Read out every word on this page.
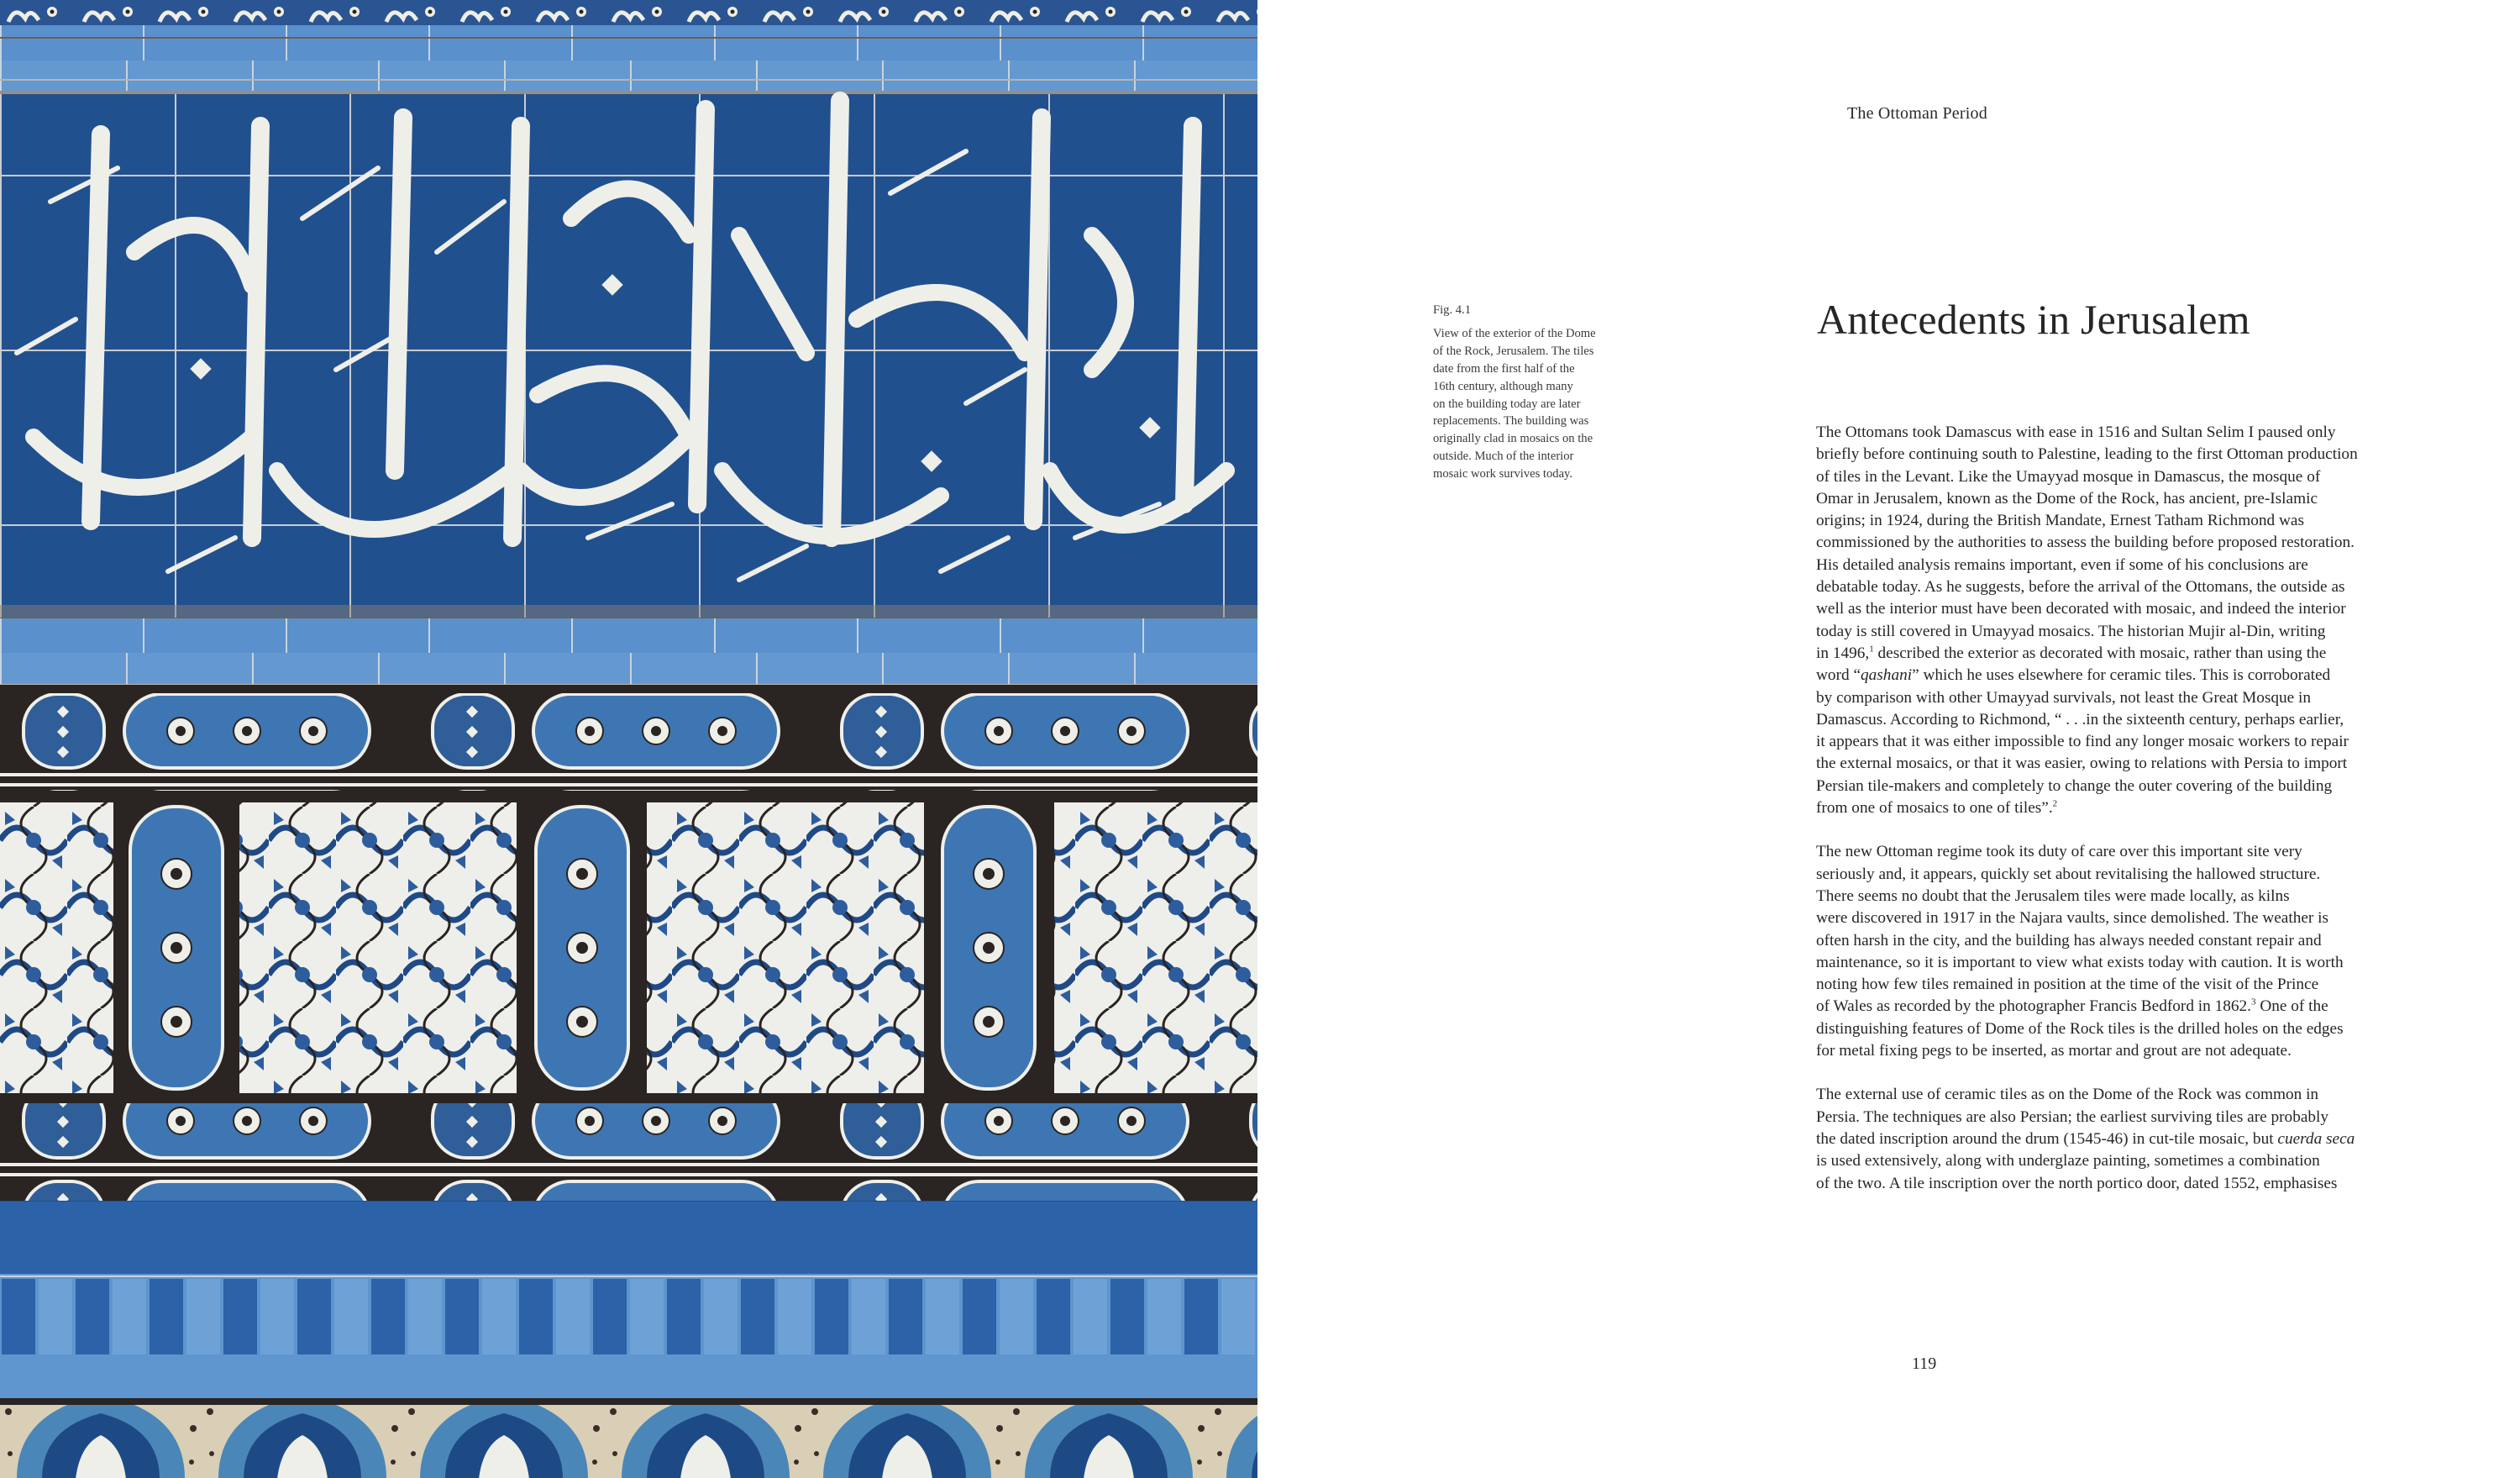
The Ottoman Period
Fig. 4.1
View of the exterior of the Dome
of the Rock, Jerusalem. The tiles
date from the first half of the
16th century, although many
on the building today are later
replacements. The building was
originally clad in mosaics on the
outside. Much of the interior
mosaic work survives today.
Antecedents in Jerusalem

The Ottomans took Damascus with ease in 1516 and Sultan Selim I paused only
briefly before continuing south to Palestine, leading to the first Ottoman production
of tiles in the Levant. Like the Umayyad mosque in Damascus, the mosque of
Omar in Jerusalem, known as the Dome of the Rock, has ancient, pre-Islamic
origins; in 1924, during the British Mandate, Ernest Tatham Richmond was
commissioned by the authorities to assess the building before proposed restoration.
His detailed analysis remains important, even if some of his conclusions are
debatable today. As he suggests, before the arrival of the Ottomans, the outside as
well as the interior must have been decorated with mosaic, and indeed the interior
today is still covered in Umayyad mosaics. The historian Mujir al-Din, writing
in 1496,$^1$ described the exterior as decorated with mosaic, rather than using the
word “qashani” which he uses elsewhere for ceramic tiles. This is corroborated
by comparison with other Umayyad survivals, not least the Great Mosque in
Damascus. According to Richmond, “ . . .in the sixteenth century, perhaps earlier,
it appears that it was either impossible to find any longer mosaic workers to repair
the external mosaics, or that it was easier, owing to relations with Persia to import
Persian tile-makers and completely to change the outer covering of the building
from one of mosaics to one of tiles”.$^2$

The new Ottoman regime took its duty of care over this important site very
seriously and, it appears, quickly set about revitalising the hallowed structure.
There seems no doubt that the Jerusalem tiles were made locally, as kilns
were discovered in 1917 in the Najara vaults, since demolished. The weather is
often harsh in the city, and the building has always needed constant repair and
maintenance, so it is important to view what exists today with caution. It is worth
noting how few tiles remained in position at the time of the visit of the Prince
of Wales as recorded by the photographer Francis Bedford in 1862.$^3$ One of the
distinguishing features of Dome of the Rock tiles is the drilled holes on the edges
for metal fixing pegs to be inserted, as mortar and grout are not adequate.

The external use of ceramic tiles as on the Dome of the Rock was common in
Persia. The techniques are also Persian; the earliest surviving tiles are probably
the dated inscription around the drum (1545-46) in cut-tile mosaic, but cuerda seca
is used extensively, along with underglaze painting, sometimes a combination
of the two. A tile inscription over the north portico door, dated 1552, emphasises

119
